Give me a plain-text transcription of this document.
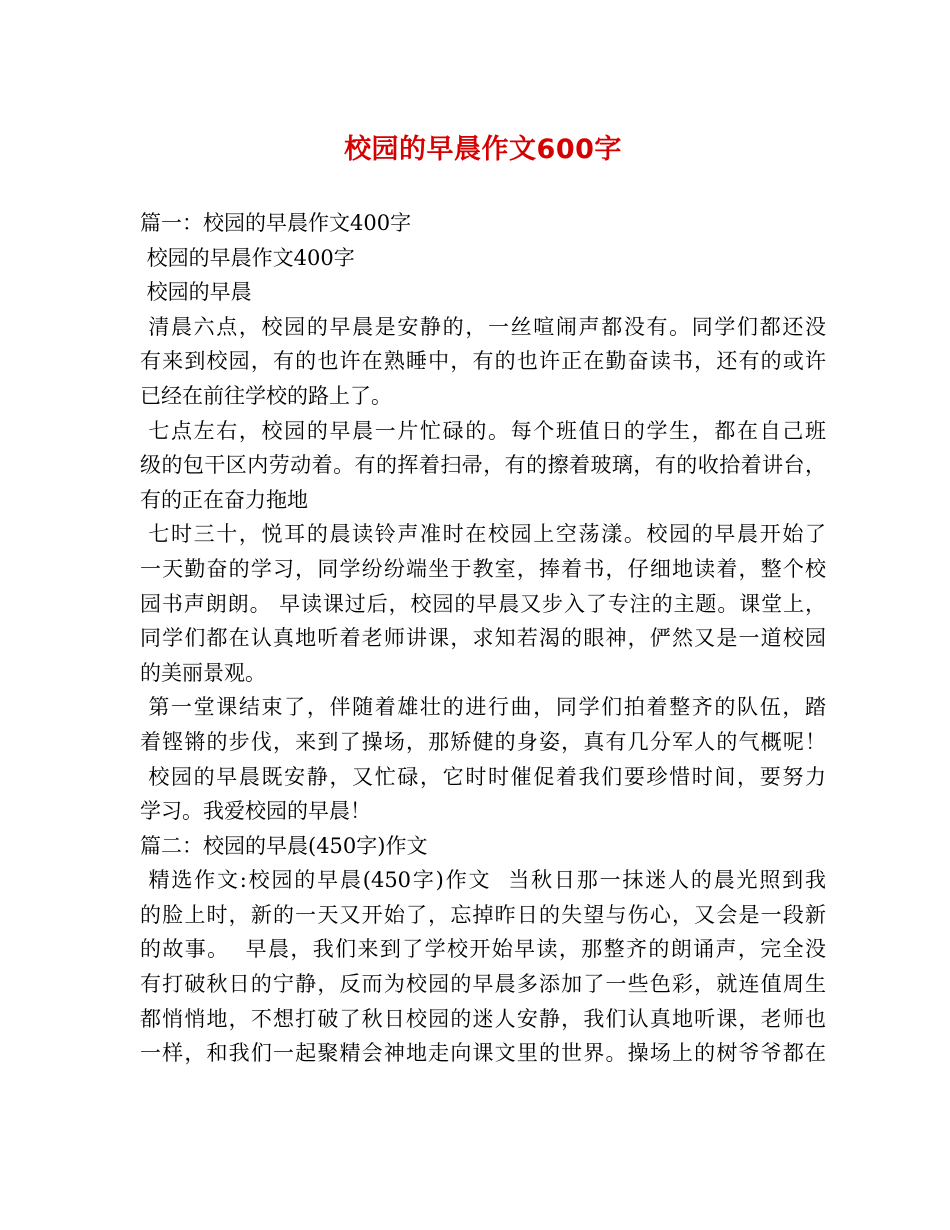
校园的早晨作文600字
篇一：校园的早晨作文400字
校园的早晨作文400字
校园的早晨
清晨六点，校园的早晨是安静的，一丝喧闹声都没有。同学们都还没
有来到校园，有的也许在熟睡中，有的也许正在勤奋读书，还有的或许
已经在前往学校的路上了。
七点左右，校园的早晨一片忙碌的。每个班值日的学生，都在自己班
级的包干区内劳动着。有的挥着扫帚，有的擦着玻璃，有的收拾着讲台，
有的正在奋力拖地
七时三十，悦耳的晨读铃声准时在校园上空荡漾。校园的早晨开始了
一天勤奋的学习，同学纷纷端坐于教室，捧着书，仔细地读着，整个校
园书声朗朗。 早读课过后，校园的早晨又步入了专注的主题。课堂上，
同学们都在认真地听着老师讲课，求知若渴的眼神，俨然又是一道校园
的美丽景观。
第一堂课结束了，伴随着雄壮的进行曲，同学们拍着整齐的队伍，踏
着铿锵的步伐，来到了操场，那矫健的身姿，真有几分军人的气概呢！
校园的早晨既安静，又忙碌，它时时催促着我们要珍惜时间，要努力
学习。我爱校园的早晨！
篇二：校园的早晨(450字)作文
精选作文:校园的早晨(450字)作文  当秋日那一抹迷人的晨光照到我
的脸上时，新的一天又开始了，忘掉昨日的失望与伤心，又会是一段新
的故事。  早晨，我们来到了学校开始早读，那整齐的朗诵声，完全没
有打破秋日的宁静，反而为校园的早晨多添加了一些色彩，就连值周生
都悄悄地，不想打破了秋日校园的迷人安静，我们认真地听课，老师也
一样，和我们一起聚精会神地走向课文里的世界。操场上的树爷爷都在
